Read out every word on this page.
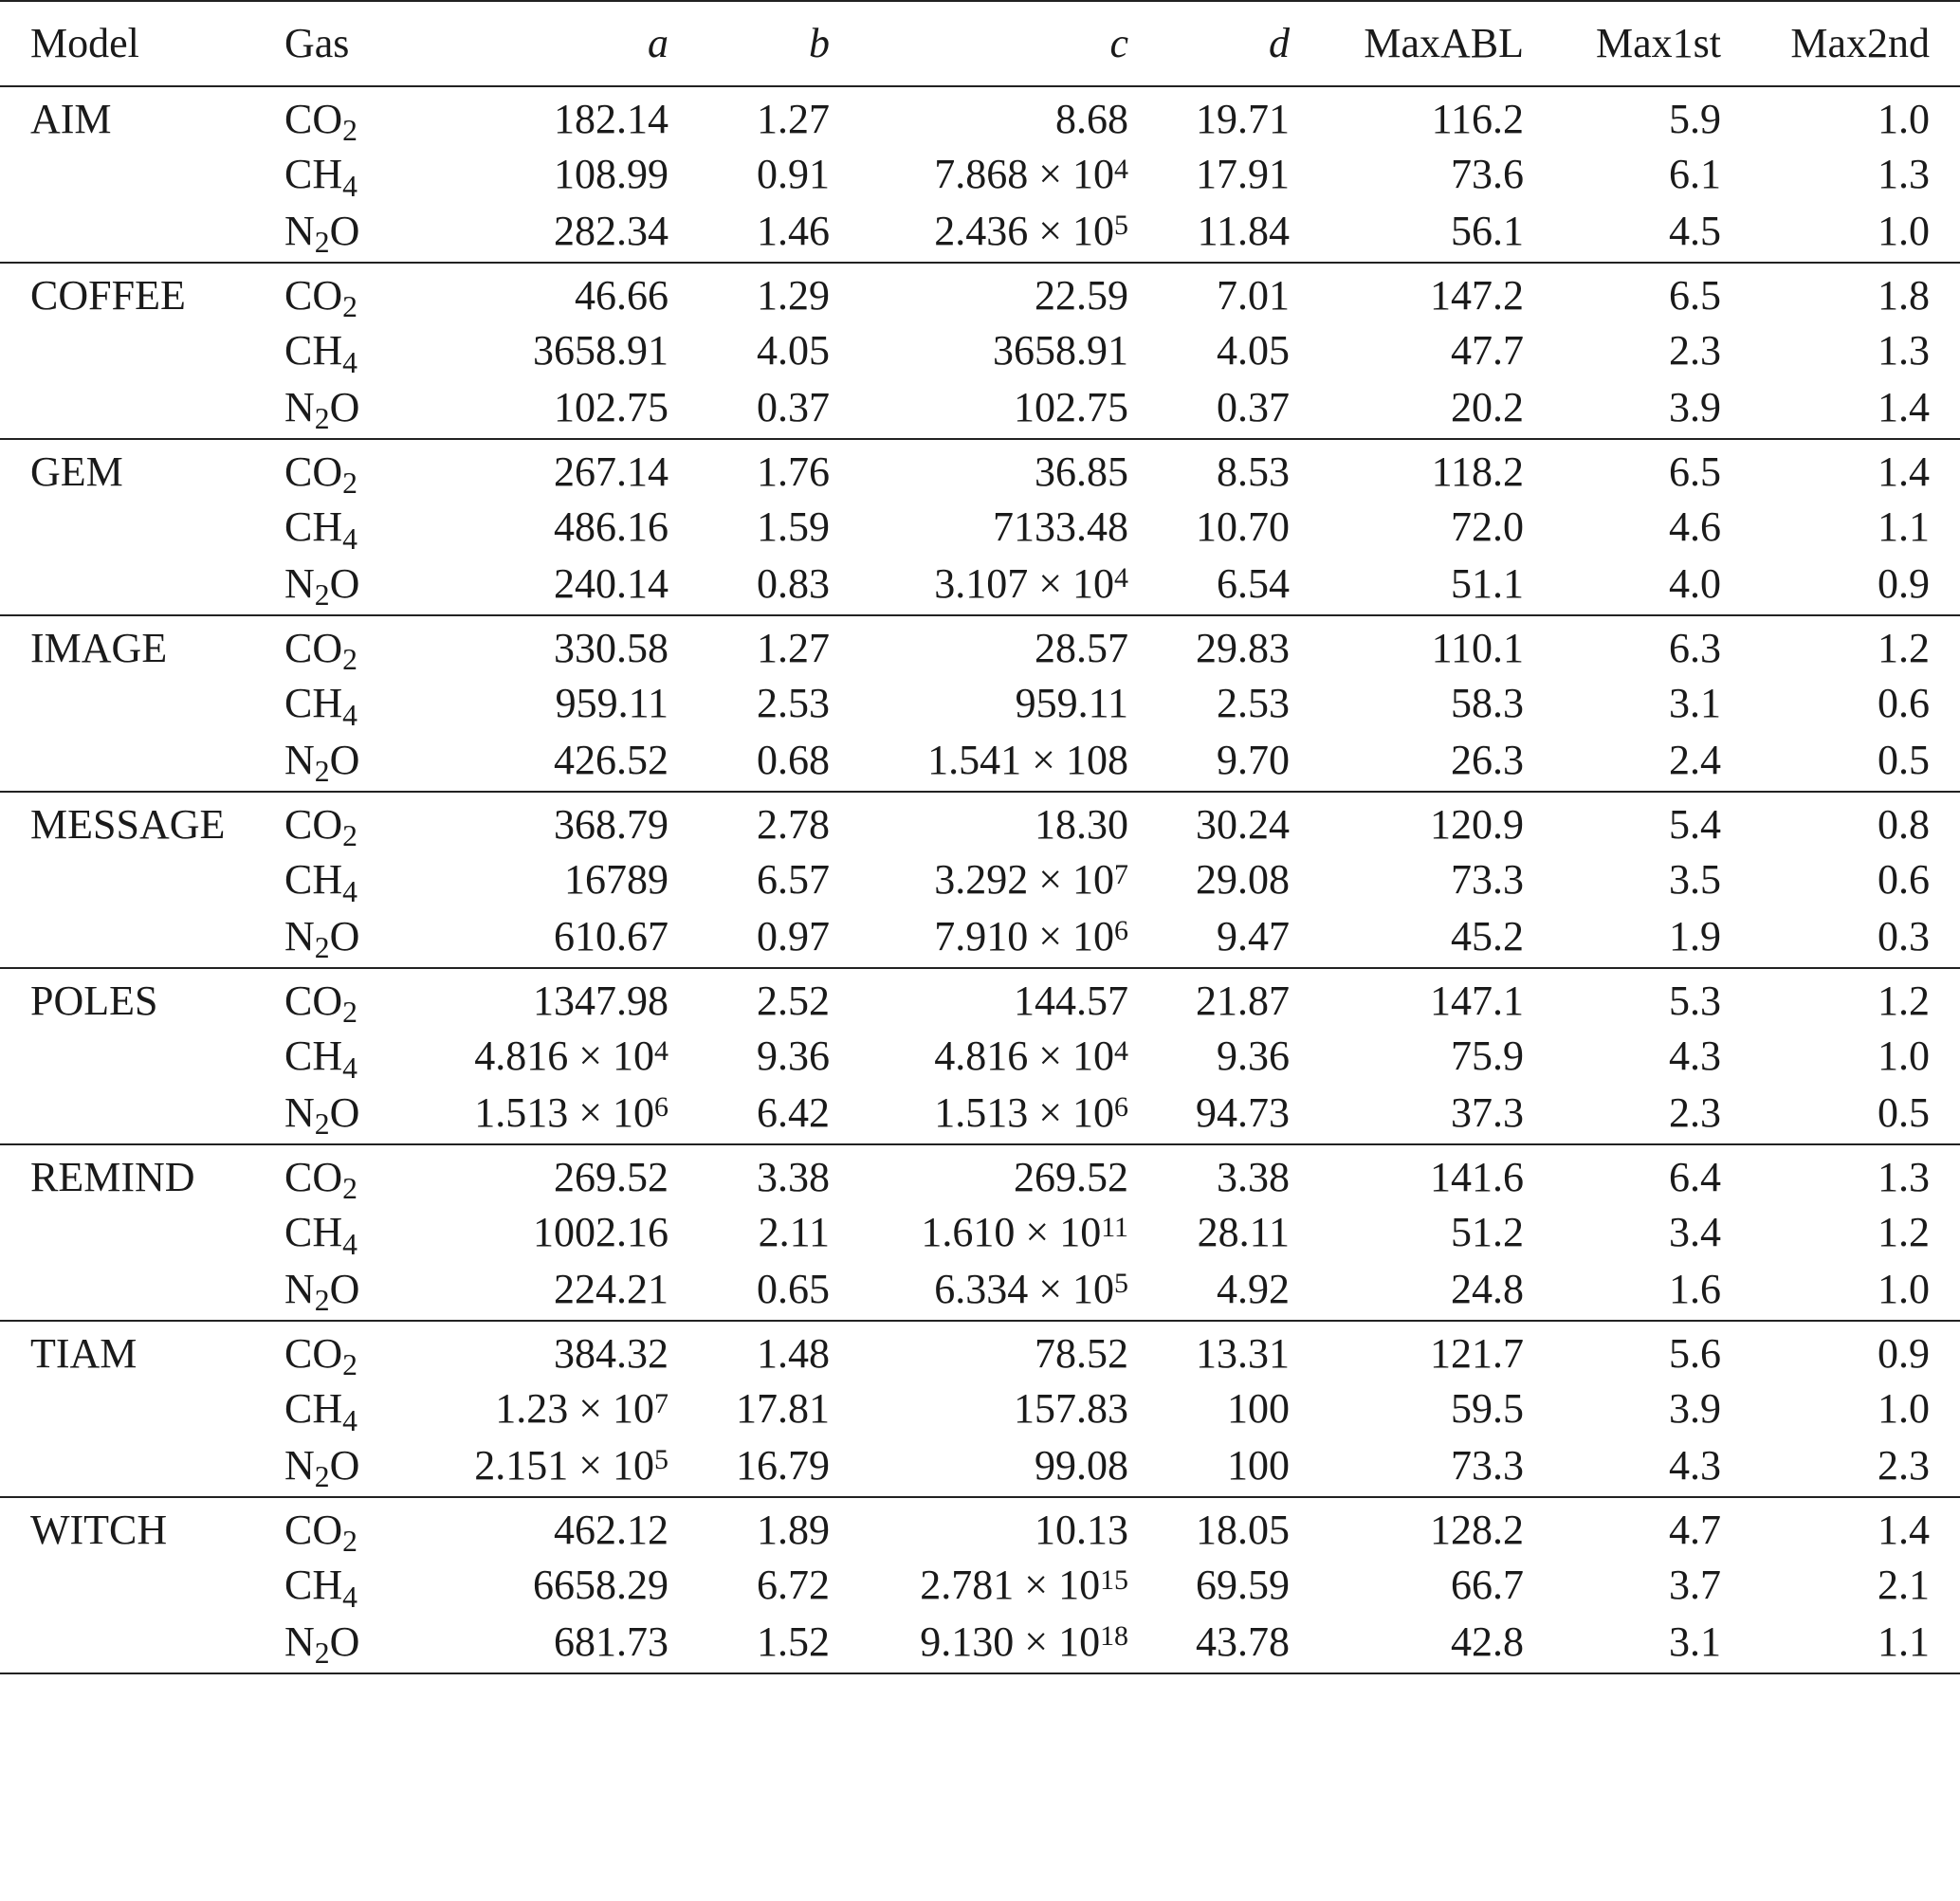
Model	Gas	a	b	c	d	MaxABL	Max1st	Max2nd
AIM	$CO_2$	182.14	1.27	8.68	19.71	116.2	5.9	1.0
	$CH_4$	108.99	0.91	$7.868 \times 10^4$	17.91	73.6	6.1	1.3
	$N_2O$	282.34	1.46	$2.436 \times 10^5$	11.84	56.1	4.5	1.0
COFFEE	$CO_2$	46.66	1.29	22.59	7.01	147.2	6.5	1.8
	$CH_4$	3658.91	4.05	3658.91	4.05	47.7	2.3	1.3
	$N_2O$	102.75	0.37	102.75	0.37	20.2	3.9	1.4
GEM	$CO_2$	267.14	1.76	36.85	8.53	118.2	6.5	1.4
	$CH_4$	486.16	1.59	7133.48	10.70	72.0	4.6	1.1
	$N_2O$	240.14	0.83	$3.107 \times 10^4$	6.54	51.1	4.0	0.9
IMAGE	$CO_2$	330.58	1.27	28.57	29.83	110.1	6.3	1.2
	$CH_4$	959.11	2.53	959.11	2.53	58.3	3.1	0.6
	$N_2O$	426.52	0.68	1.541 × 108	9.70	26.3	2.4	0.5
MESSAGE	$CO_2$	368.79	2.78	18.30	30.24	120.9	5.4	0.8
	$CH_4$	16789	6.57	$3.292 \times 10^7$	29.08	73.3	3.5	0.6
	$N_2O$	610.67	0.97	$7.910 \times 10^6$	9.47	45.2	1.9	0.3
POLES	$CO_2$	1347.98	2.52	144.57	21.87	147.1	5.3	1.2
	$CH_4$	$4.816 \times 10^4$	9.36	$4.816 \times 10^4$	9.36	75.9	4.3	1.0
	$N_2O$	$1.513 \times 10^6$	6.42	$1.513 \times 10^6$	94.73	37.3	2.3	0.5
REMIND	$CO_2$	269.52	3.38	269.52	3.38	141.6	6.4	1.3
	$CH_4$	1002.16	2.11	$1.610 \times 10^{11}$	28.11	51.2	3.4	1.2
	$N_2O$	224.21	0.65	$6.334 \times 10^5$	4.92	24.8	1.6	1.0
TIAM	$CO_2$	384.32	1.48	78.52	13.31	121.7	5.6	0.9
	$CH_4$	$1.23 \times 10^7$	17.81	157.83	100	59.5	3.9	1.0
	$N_2O$	$2.151 \times 10^5$	16.79	99.08	100	73.3	4.3	2.3
WITCH	$CO_2$	462.12	1.89	10.13	18.05	128.2	4.7	1.4
	$CH_4$	6658.29	6.72	$2.781 \times 10^{15}$	69.59	66.7	3.7	2.1
	$N_2O$	681.73	1.52	$9.130 \times 10^{18}$	43.78	42.8	3.1	1.1
